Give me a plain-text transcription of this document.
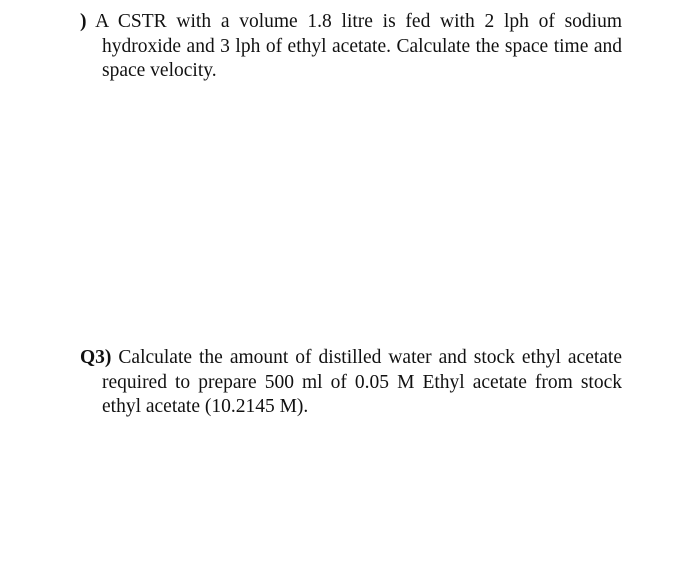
) A CSTR with a volume 1.8 litre is fed with 2 lph of sodium hydroxide and 3 lph of ethyl acetate. Calculate the space time and space velocity.
Q3) Calculate the amount of distilled water and stock ethyl acetate required to prepare 500 ml of 0.05 M Ethyl acetate from stock ethyl acetate (10.2145 M).
